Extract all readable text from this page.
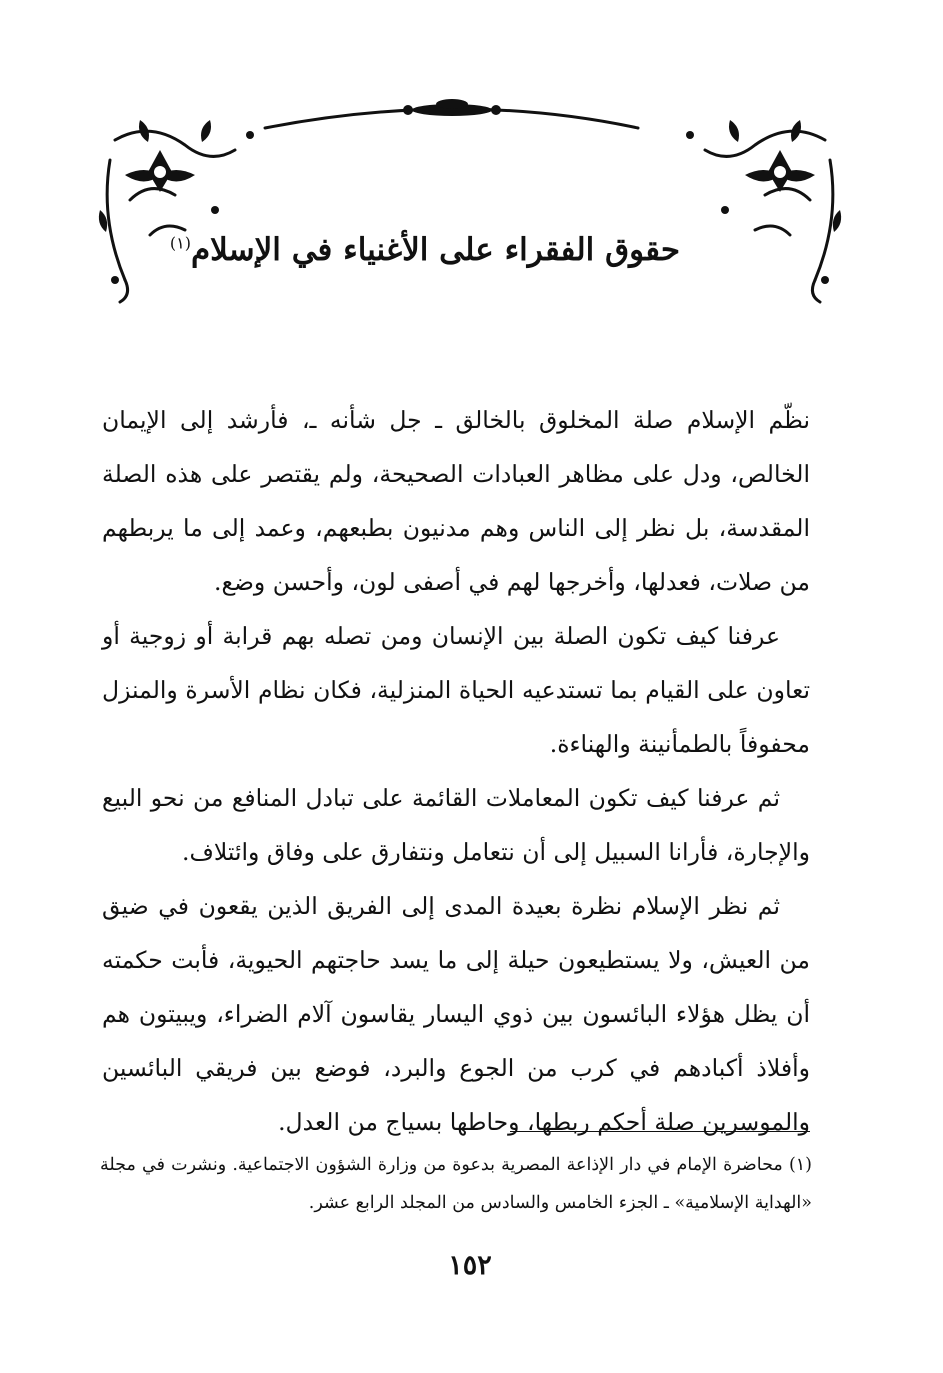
حقوق الفقراء على الأغنياء في الإسلام$^{(١)}$

نظّم الإسلام صلة المخلوق بالخالق ـ جل شأنه ـ، فأرشد إلى الإيمان الخالص، ودل على مظاهر العبادات الصحيحة، ولم يقتصر على هذه الصلة المقدسة، بل نظر إلى الناس وهم مدنيون بطبعهم، وعمد إلى ما يربطهم من صلات، فعدلها، وأخرجها لهم في أصفى لون، وأحسن وضع.

عرفنا كيف تكون الصلة بين الإنسان ومن تصله بهم قرابة أو زوجية أو تعاون على القيام بما تستدعيه الحياة المنزلية، فكان نظام الأسرة والمنزل محفوفاً بالطمأنينة والهناءة.

ثم عرفنا كيف تكون المعاملات القائمة على تبادل المنافع من نحو البيع والإجارة، فأرانا السبيل إلى أن نتعامل ونتفارق على وفاق وائتلاف.

ثم نظر الإسلام نظرة بعيدة المدى إلى الفريق الذين يقعون في ضيق من العيش، ولا يستطيعون حيلة إلى ما يسد حاجتهم الحيوية، فأبت حكمته أن يظل هؤلاء البائسون بين ذوي اليسار يقاسون آلام الضراء، ويبيتون هم وأفلاذ أكبادهم في كرب من الجوع والبرد، فوضع بين فريقي البائسين والموسرين صلة أحكم ربطها، وحاطها بسياج من العدل.

(١) محاضرة الإمام في دار الإذاعة المصرية بدعوة من وزارة الشؤون الاجتماعية. ونشرت في مجلة «الهداية الإسلامية» ـ الجزء الخامس والسادس من المجلد الرابع عشر.

١٥٢
